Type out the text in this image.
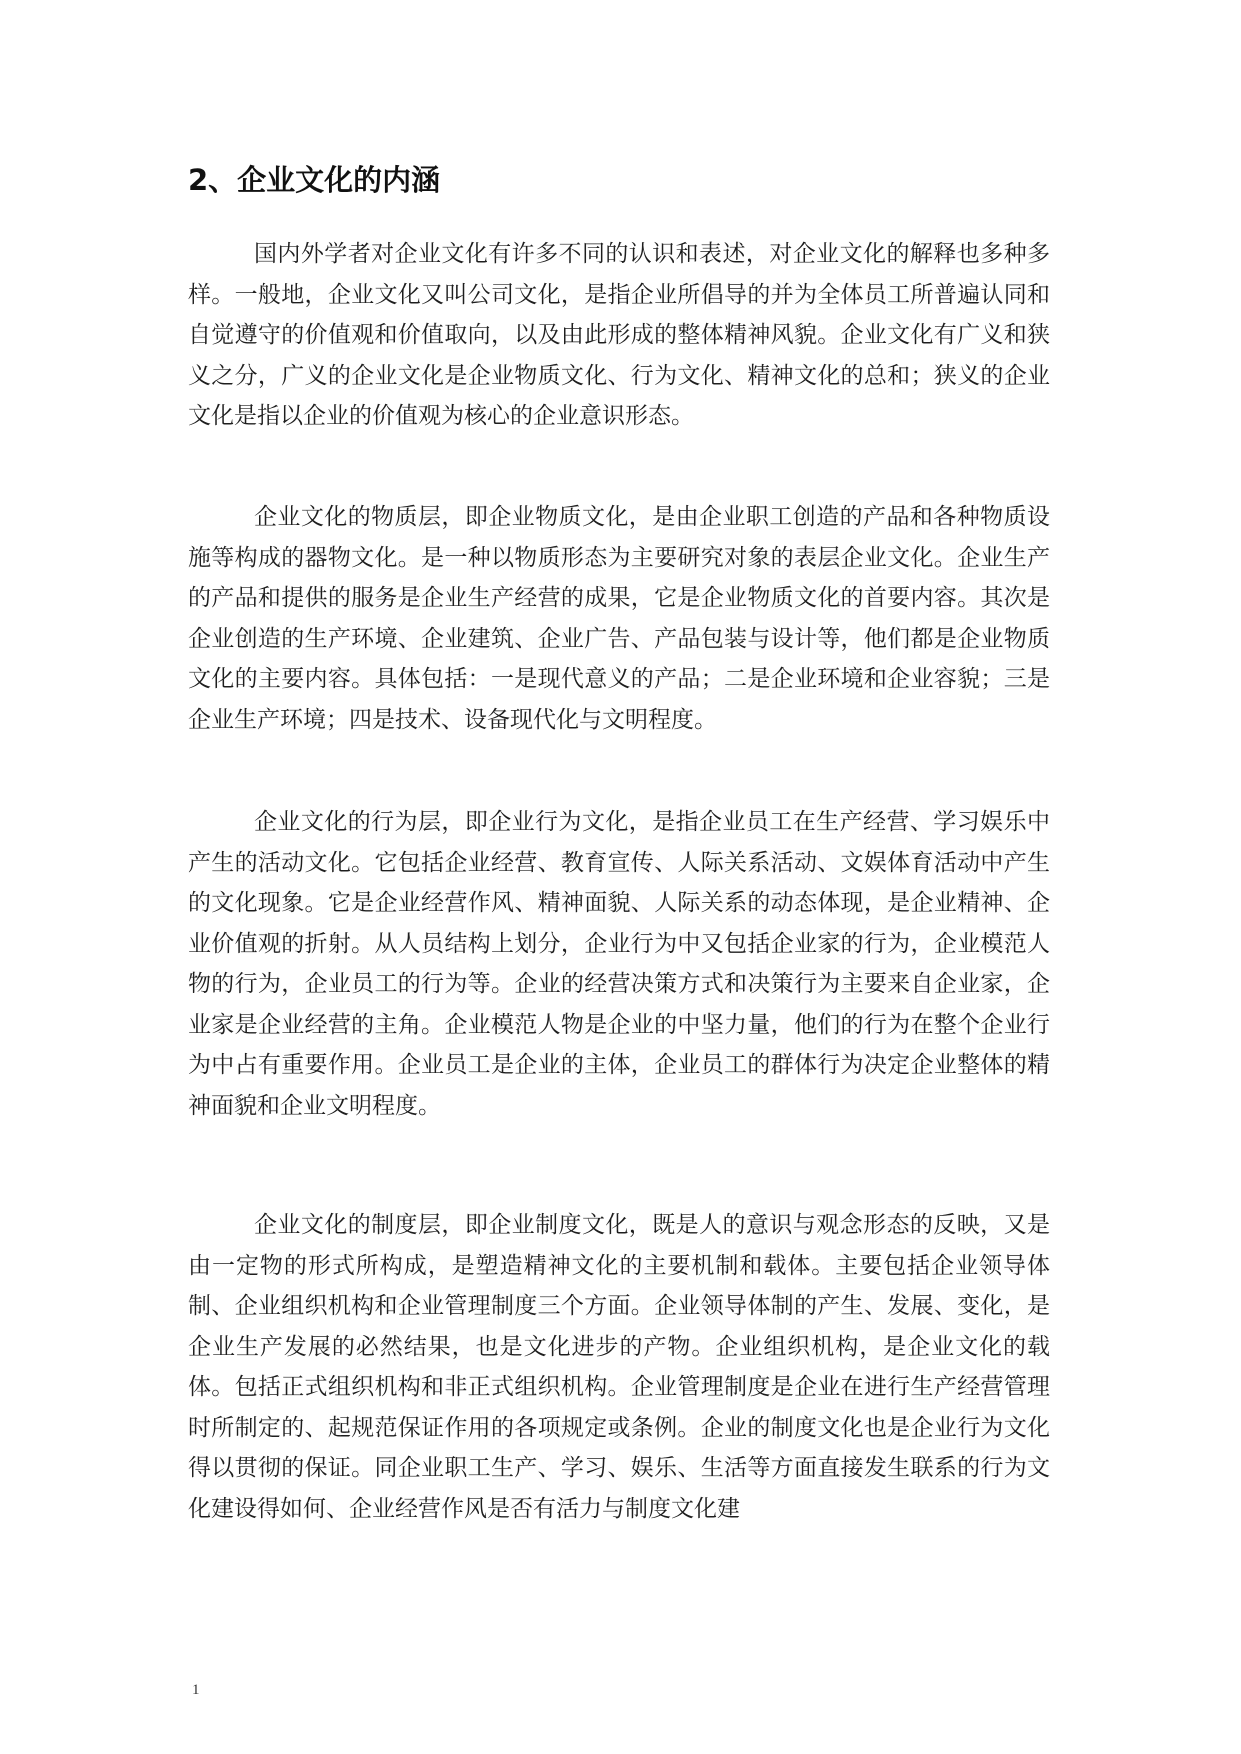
2、企业文化的内涵

国内外学者对企业文化有许多不同的认识和表述，对企业文化的解释也多种多样。一般地，企业文化又叫公司文化，是指企业所倡导的并为全体员工所普遍认同和自觉遵守的价值观和价值取向，以及由此形成的整体精神风貌。企业文化有广义和狭义之分，广义的企业文化是企业物质文化、行为文化、精神文化的总和；狭义的企业文化是指以企业的价值观为核心的企业意识形态。

企业文化的物质层，即企业物质文化，是由企业职工创造的产品和各种物质设施等构成的器物文化。是一种以物质形态为主要研究对象的表层企业文化。企业生产的产品和提供的服务是企业生产经营的成果，它是企业物质文化的首要内容。其次是企业创造的生产环境、企业建筑、企业广告、产品包装与设计等，他们都是企业物质文化的主要内容。具体包括：一是现代意义的产品；二是企业环境和企业容貌；三是企业生产环境；四是技术、设备现代化与文明程度。

企业文化的行为层，即企业行为文化，是指企业员工在生产经营、学习娱乐中产生的活动文化。它包括企业经营、教育宣传、人际关系活动、文娱体育活动中产生的文化现象。它是企业经营作风、精神面貌、人际关系的动态体现，是企业精神、企业价值观的折射。从人员结构上划分，企业行为中又包括企业家的行为，企业模范人物的行为，企业员工的行为等。企业的经营决策方式和决策行为主要来自企业家，企业家是企业经营的主角。企业模范人物是企业的中坚力量，他们的行为在整个企业行为中占有重要作用。企业员工是企业的主体，企业员工的群体行为决定企业整体的精神面貌和企业文明程度。

企业文化的制度层，即企业制度文化，既是人的意识与观念形态的反映，又是由一定物的形式所构成，是塑造精神文化的主要机制和载体。主要包括企业领导体制、企业组织机构和企业管理制度三个方面。企业领导体制的产生、发展、变化，是企业生产发展的必然结果，也是文化进步的产物。企业组织机构，是企业文化的载体。包括正式组织机构和非正式组织机构。企业管理制度是企业在进行生产经营管理时所制定的、起规范保证作用的各项规定或条例。企业的制度文化也是企业行为文化得以贯彻的保证。同企业职工生产、学习、娱乐、生活等方面直接发生联系的行为文化建设得如何、企业经营作风是否有活力与制度文化建

1
